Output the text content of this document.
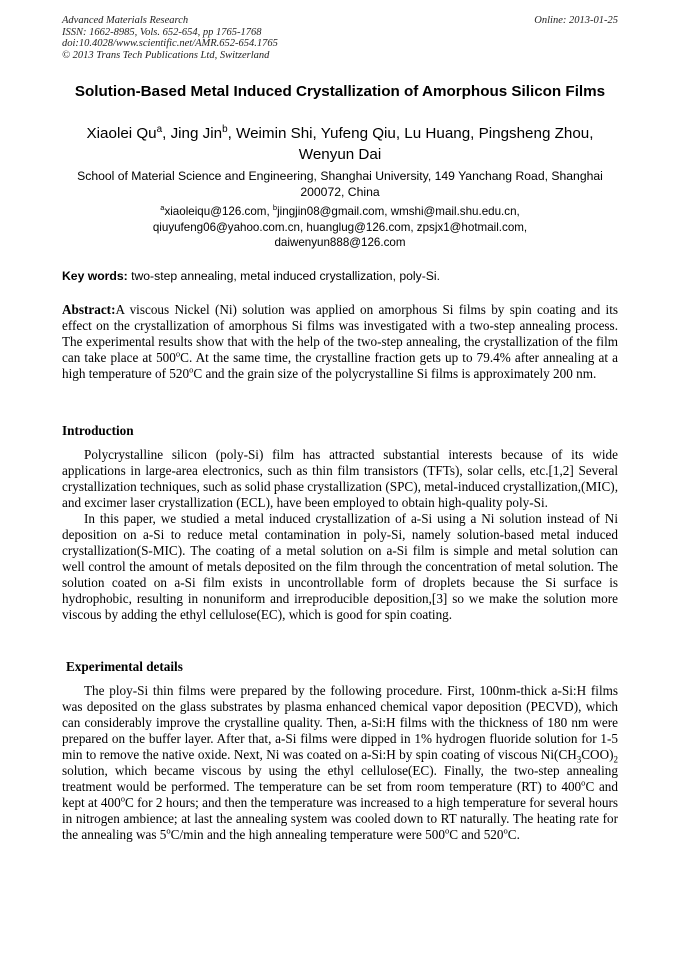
Advanced Materials Research
ISSN: 1662-8985, Vols. 652-654, pp 1765-1768
doi:10.4028/www.scientific.net/AMR.652-654.1765
© 2013 Trans Tech Publications Ltd, Switzerland
Online: 2013-01-25
Solution-Based Metal Induced Crystallization of Amorphous Silicon Films
Xiaolei Qu$^a$, Jing Jin$^b$, Weimin Shi, Yufeng Qiu, Lu Huang, Pingsheng Zhou, Wenyun Dai
School of Material Science and Engineering, Shanghai University, 149 Yanchang Road, Shanghai 200072, China
$^a$xiaoleiqu@126.com, $^b$jingjin08@gmail.com, wmshi@mail.shu.edu.cn,
qiuyufeng06@yahoo.com.cn, huanglug@126.com, zpsjx1@hotmail.com,
daiwenyun888@126.com
Key words: two-step annealing, metal induced crystallization, poly-Si.
Abstract:A viscous Nickel (Ni) solution was applied on amorphous Si films by spin coating and its effect on the crystallization of amorphous Si films was investigated with a two-step annealing process. The experimental results show that with the help of the two-step annealing, the crystallization of the film can take place at 500$^o$C. At the same time, the crystalline fraction gets up to 79.4% after annealing at a high temperature of 520$^o$C and the grain size of the polycrystalline Si films is approximately 200 nm.
Introduction

Polycrystalline silicon (poly-Si) film has attracted substantial interests because of its wide applications in large-area electronics, such as thin film transistors (TFTs), solar cells, etc.[1,2] Several crystallization techniques, such as solid phase crystallization (SPC), metal-induced crystallization,(MIC), and excimer laser crystallization (ECL), have been employed to obtain high-quality poly-Si.

In this paper, we studied a metal induced crystallization of a-Si using a Ni solution instead of Ni deposition on a-Si to reduce metal contamination in poly-Si, namely solution-based metal induced crystallization(S-MIC). The coating of a metal solution on a-Si film is simple and metal solution can well control the amount of metals deposited on the film through the concentration of metal solution. The solution coated on a-Si film exists in uncontrollable form of droplets because the Si surface is hydrophobic, resulting in nonuniform and irreproducible deposition,[3] so we make the solution more viscous by adding the ethyl cellulose(EC), which is good for spin coating.

Experimental details

The ploy-Si thin films were prepared by the following procedure. First, 100nm-thick a-Si:H films was deposited on the glass substrates by plasma enhanced chemical vapor deposition (PECVD), which can considerably improve the crystalline quality. Then, a-Si:H films with the thickness of 180 nm were prepared on the buffer layer. After that, a-Si films were dipped in 1% hydrogen fluoride solution for 1-5 min to remove the native oxide. Next, Ni was coated on a-Si:H by spin coating of viscous $Ni(CH_3COO)_2$ solution, which became viscous by using the ethyl cellulose(EC). Finally, the two-step annealing treatment would be performed. The temperature can be set from room temperature (RT) to 400$^o$C and kept at 400$^o$C for 2 hours; and then the temperature was increased to a high temperature for several hours in nitrogen ambience; at last the annealing system was cooled down to RT naturally. The heating rate for the annealing was 5$^o$C/min and the high annealing temperature were 500$^o$C and 520$^o$C.
